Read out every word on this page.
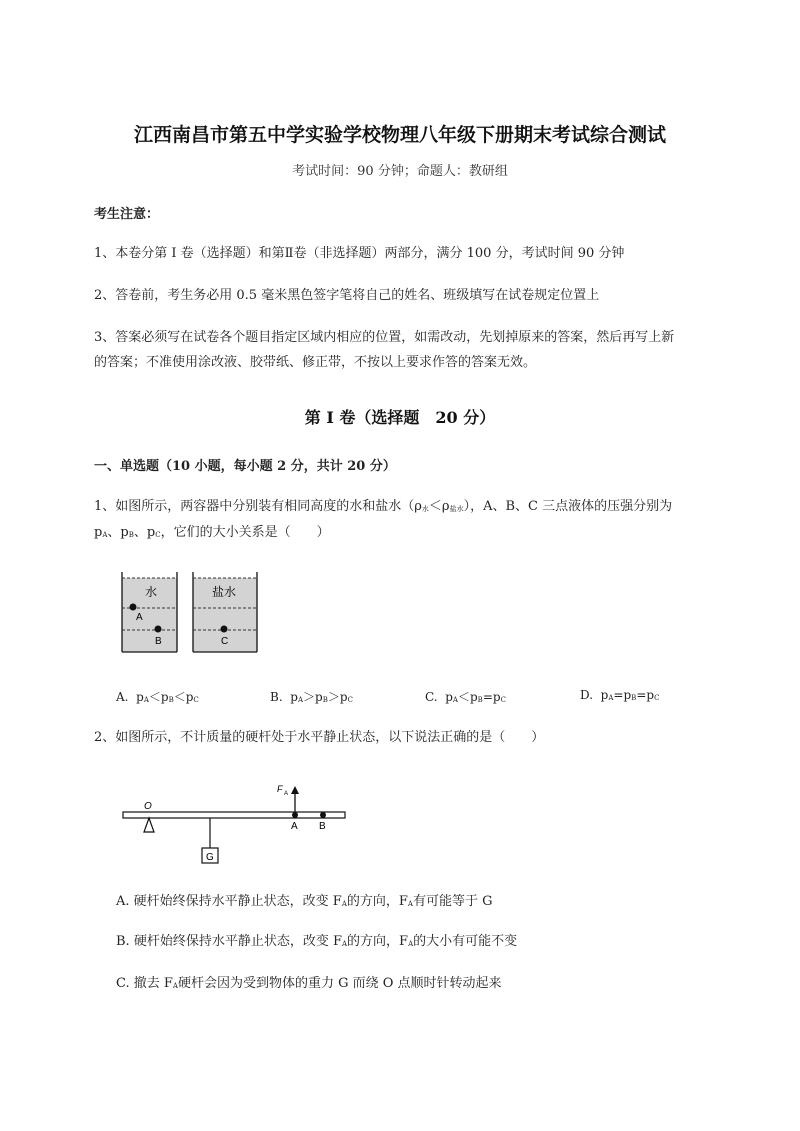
江西南昌市第五中学实验学校物理八年级下册期末考试综合测试
考试时间：90 分钟；命题人：教研组
考生注意：
1、本卷分第 I 卷（选择题）和第Ⅱ卷（非选择题）两部分，满分 100 分，考试时间 90 分钟
2、答卷前，考生务必用 0.5 毫米黑色签字笔将自己的姓名、班级填写在试卷规定位置上
3、答案必须写在试卷各个题目指定区域内相应的位置，如需改动，先划掉原来的答案，然后再写上新
的答案；不准使用涂改液、胶带纸、修正带，不按以上要求作答的答案无效。
第 I 卷（选择题　20 分）
一、单选题（10 小题，每小题 2 分，共计 20 分）
1、如图所示，两容器中分别装有相同高度的水和盐水（ρ水＜ρ盐水），A、B、C 三点液体的压强分别为
pA、pB、pC，它们的大小关系是（　　）
水	盐水
A
B	C
A. pA＜pB＜pC	B. pA＞pB＞pC	C. pA＜pB=pC	D. pA=pB=pC
2、如图所示，不计质量的硬杆处于水平静止状态，以下说法正确的是（　　）
O
G
F A
A B
A. 硬杆始终保持水平静止状态，改变 FA的方向，FA有可能等于 G
B. 硬杆始终保持水平静止状态，改变 FA的方向，FA的大小有可能不变
C. 撤去 FA硬杆会因为受到物体的重力 G 而绕 O 点顺时针转动起来
